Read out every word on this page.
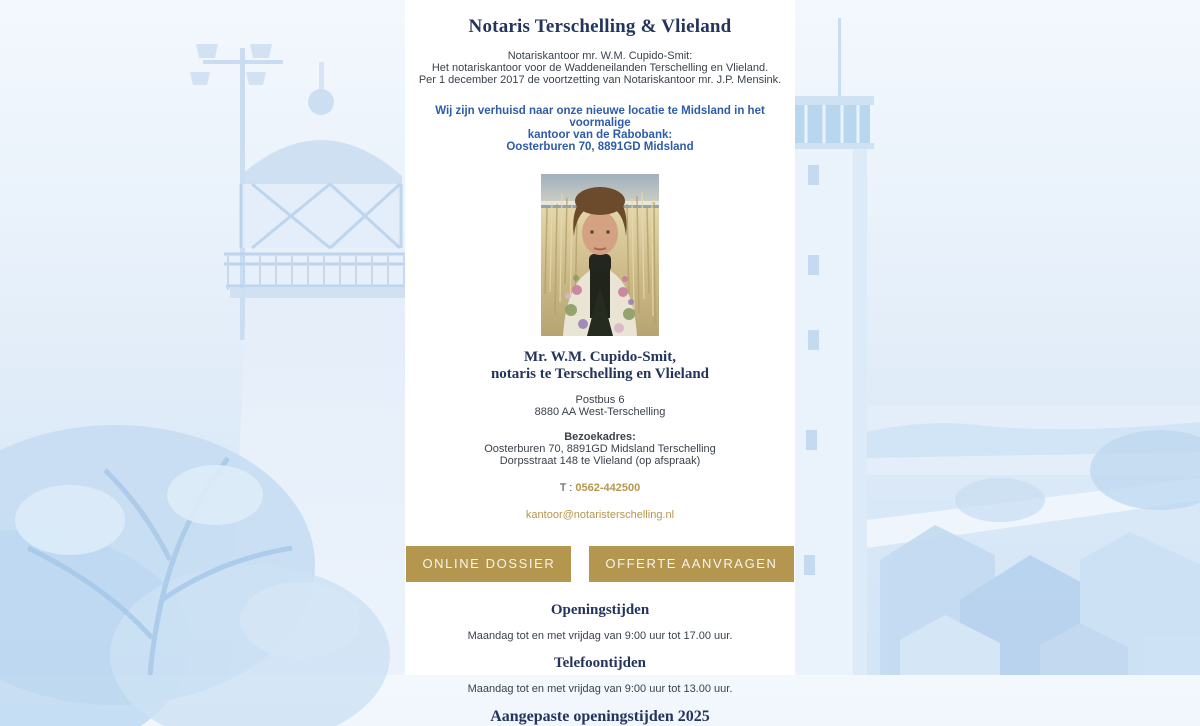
Notaris Terschelling & Vlieland
Notariskantoor mr. W.M. Cupido-Smit:
Het notariskantoor voor de Waddeneilanden Terschelling en Vlieland.
Per 1 december 2017 de voortzetting van Notariskantoor mr. J.P. Mensink.
Wij zijn verhuisd naar onze nieuwe locatie te Midsland in het voormalige
kantoor van de Rabobank:
Oosterburen 70, 8891GD Midsland
Mr. W.M. Cupido-Smit,
notaris te Terschelling en Vlieland
Postbus 6
8880 AA West-Terschelling
Bezoekadres:
Oosterburen 70, 8891GD Midsland Terschelling
Dorpsstraat 148 te Vlieland (op afspraak)
T : 0562-442500
kantoor@notaristerschelling.nl
ONLINE DOSSIER	OFFERTE AANVRAGEN
Openingstijden
Maandag tot en met vrijdag van 9:00 uur tot 17.00 uur.
Telefoontijden
Maandag tot en met vrijdag van 9:00 uur tot 13.00 uur.
Aangepaste openingstijden 2025
